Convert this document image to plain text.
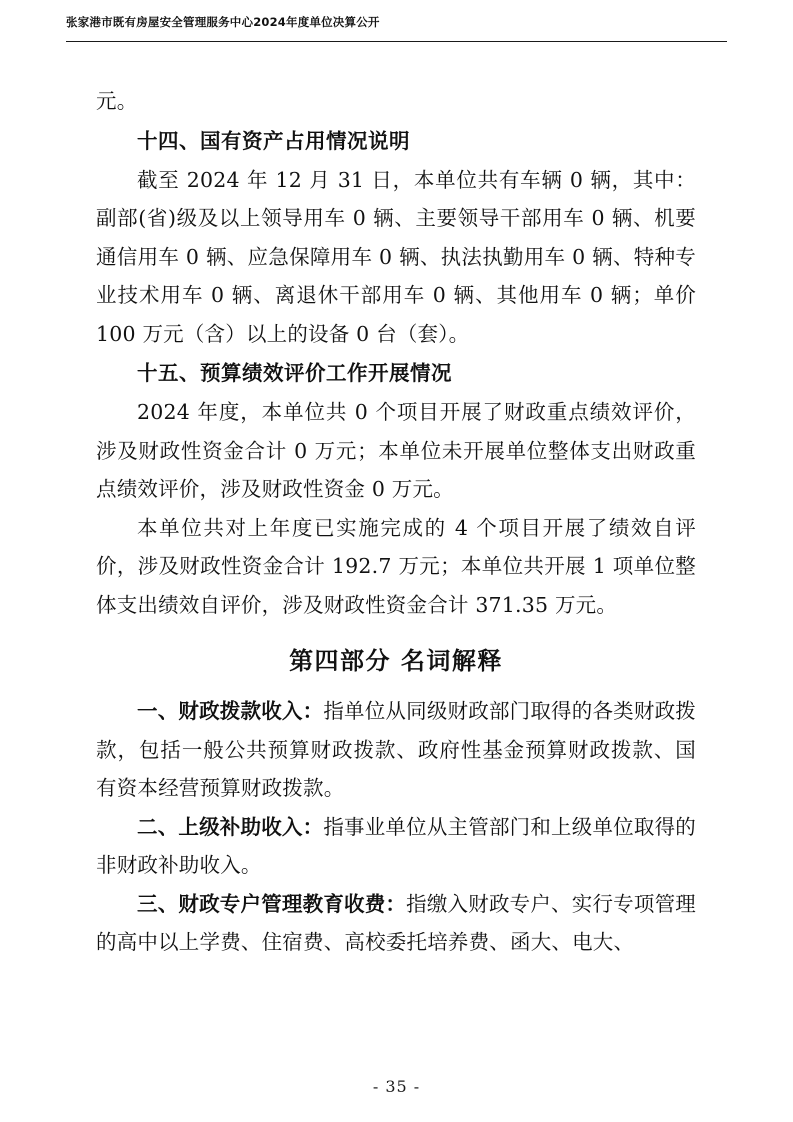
张家港市既有房屋安全管理服务中心2024年度单位决算公开

元。

十四、国有资产占用情况说明

截至 2024 年 12 月 31 日，本单位共有车辆 0 辆，其中：副部(省)级及以上领导用车 0 辆、主要领导干部用车 0 辆、机要通信用车 0 辆、应急保障用车 0 辆、执法执勤用车 0 辆、特种专业技术用车 0 辆、离退休干部用车 0 辆、其他用车 0 辆；单价 100 万元（含）以上的设备 0 台（套）。

十五、预算绩效评价工作开展情况

2024 年度，本单位共 0 个项目开展了财政重点绩效评价，涉及财政性资金合计 0 万元；本单位未开展单位整体支出财政重点绩效评价，涉及财政性资金 0 万元。

本单位共对上年度已实施完成的 4 个项目开展了绩效自评价，涉及财政性资金合计 192.7 万元；本单位共开展 1 项单位整体支出绩效自评价，涉及财政性资金合计 371.35 万元。

第四部分 名词解释

一、财政拨款收入：指单位从同级财政部门取得的各类财政拨款，包括一般公共预算财政拨款、政府性基金预算财政拨款、国有资本经营预算财政拨款。

二、上级补助收入：指事业单位从主管部门和上级单位取得的非财政补助收入。

三、财政专户管理教育收费：指缴入财政专户、实行专项管理的高中以上学费、住宿费、高校委托培养费、函大、电大、

- 35 -
